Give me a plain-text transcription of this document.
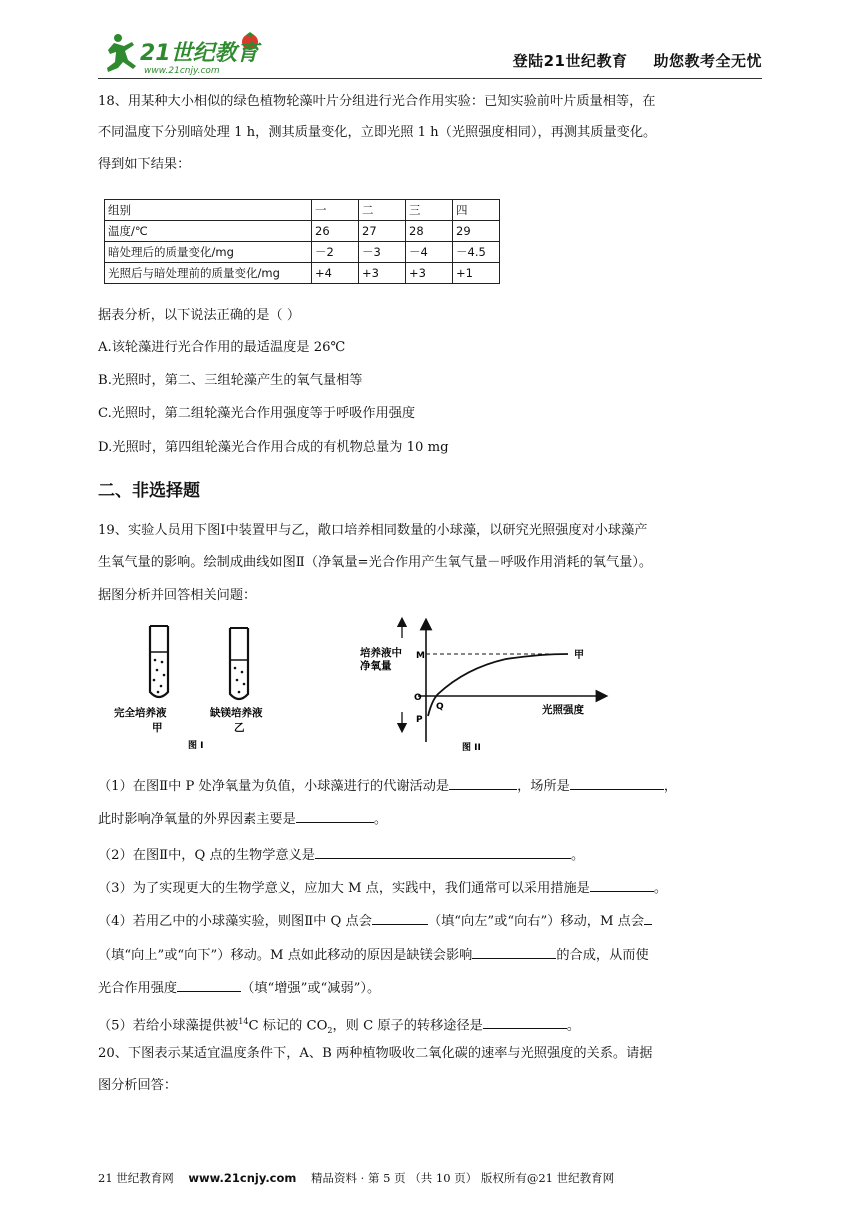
21世纪教育
www.21cnjy.com
登陆21世纪教育 助您教考全无忧

18、用某种大小相似的绿色植物轮藻叶片分组进行光合作用实验：已知实验前叶片质量相等，在

不同温度下分别暗处理 1 h，测其质量变化，立即光照 1 h（光照强度相同），再测其质量变化。

得到如下结果：

组别	一	二	三	四
温度/℃	26	27	28	29
暗处理后的质量变化/mg	－2	－3	－4	－4.5
光照后与暗处理前的质量变化/mg	+4	+3	+3	+1

据表分析，以下说法正确的是（ ）

A.该轮藻进行光合作用的最适温度是 26℃

B.光照时，第二、三组轮藻产生的氧气量相等

C.光照时，第二组轮藻光合作用强度等于呼吸作用强度

D.光照时，第四组轮藻光合作用合成的有机物总量为 10 mg

二、非选择题

19、实验人员用下图Ⅰ中装置甲与乙，敞口培养相同数量的小球藻，以研究光照强度对小球藻产

生氧气量的影响。绘制成曲线如图Ⅱ（净氧量=光合作用产生氧气量－呼吸作用消耗的氧气量）。

据图分析并回答相关问题：

完全培养液
甲
缺镁培养液
乙
图 I
培养液中
净氧量
M
O
P
Q
甲
光照强度
图 II

（1）在图Ⅱ中 P 处净氧量为负值，小球藻进行的代谢活动是	，场所是	，

此时影响净氧量的外界因素主要是	。

（2）在图Ⅱ中，Q 点的生物学意义是	。

（3）为了实现更大的生物学意义，应加大 M 点，实践中，我们通常可以采用措施是	。

（4）若用乙中的小球藻实验，则图Ⅱ中 Q 点会	（填“向左”或“向右”）移动，M 点会

（填“向上”或“向下”）移动。M 点如此移动的原因是缺镁会影响	的合成，从而使

光合作用强度	（填“增强”或“减弱”）。

（5）若给小球藻提供被$^{14}$C 标记的 $CO_2$，则 C 原子的转移途径是	。

20、下图表示某适宜温度条件下，A、B 两种植物吸收二氧化碳的速率与光照强度的关系。请据

图分析回答：

21 世纪教育网 www.21cnjy.com 精品资料 · 第 5 页 （共 10 页） 版权所有@21 世纪教育网
